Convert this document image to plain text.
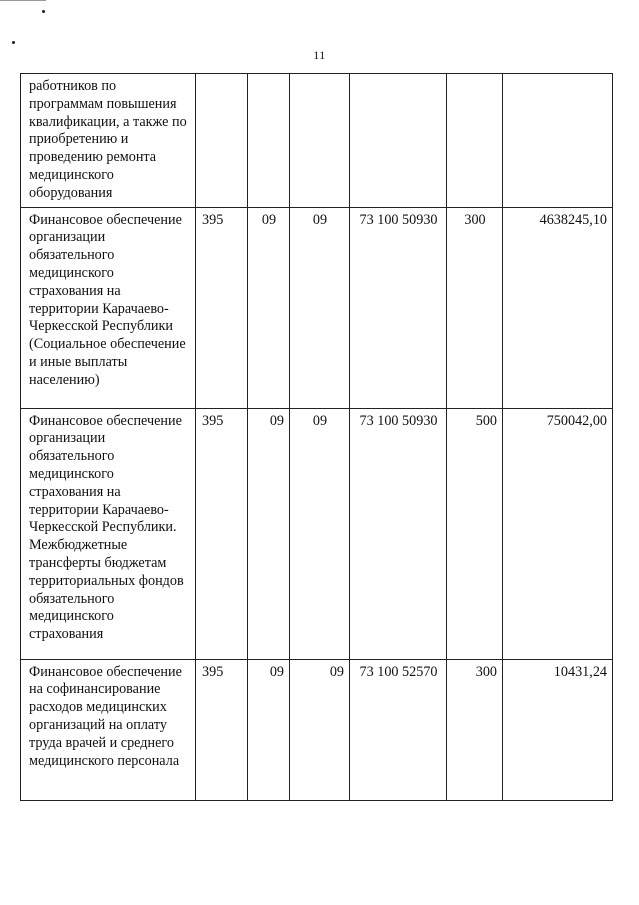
11
работников по программам повышения квалификации, а также по приобретению и проведению ремонта медицинского оборудования						
Финансовое обеспечение организации обязательного медицинского страхования на территории Карачаево-Черкесской Республики (Социальное обеспечение и иные выплаты населению)	395	09	09	73 100 50930	300	4638245,10
Финансовое обеспечение организации обязательного медицинского страхования на территории Карачаево-Черкесской Республики. Межбюджетные трансферты бюджетам территориальных фондов обязательного медицинского страхования	395	09	09	73 100 50930	500	750042,00
Финансовое обеспечение на софинансирование расходов медицинских организаций на оплату труда врачей и среднего медицинского персонала	395	09	09	73 100 52570	300	10431,24
